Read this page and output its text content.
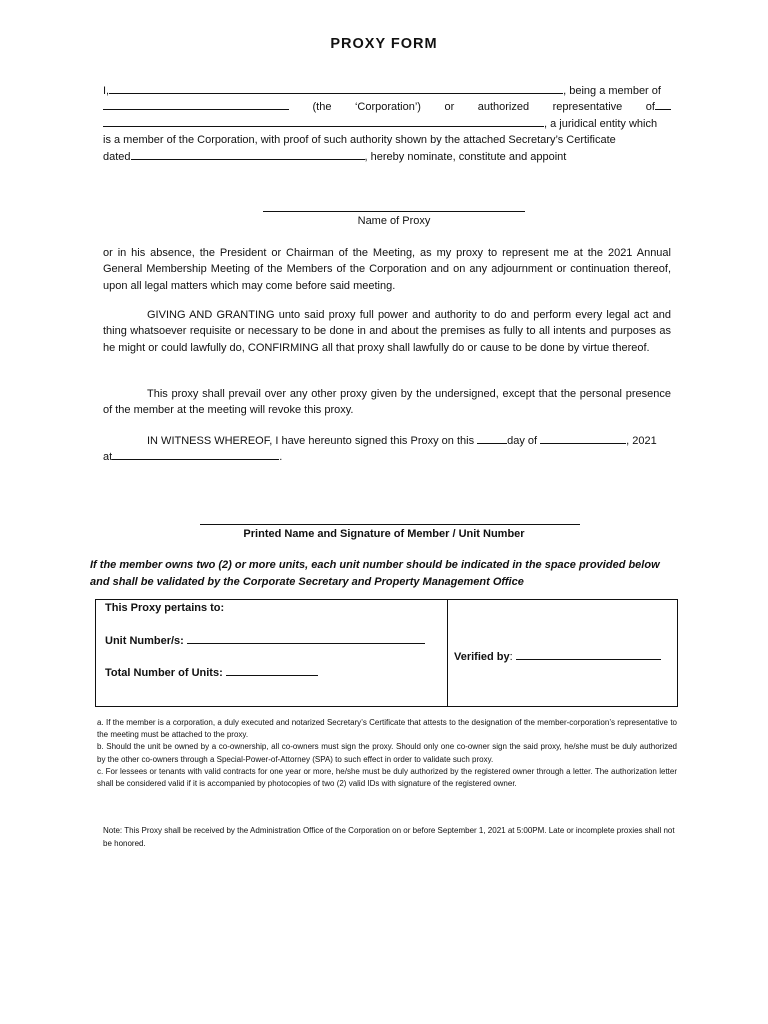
PROXY FORM
I,	, being a member of
(the ‘Corporation’) or authorized representative of
, a juridical entity which
is a member of the Corporation, with proof of such authority shown by the attached Secretary’s Certificate
dated	, hereby nominate, constitute and appoint
Name of Proxy
or in his absence, the President or Chairman of the Meeting, as my proxy to represent me at the 2021 Annual General Membership Meeting of the Members of the Corporation and on any adjournment or continuation thereof, upon all legal matters which may come before said meeting.
GIVING AND GRANTING unto said proxy full power and authority to do and perform every legal act and thing whatsoever requisite or necessary to be done in and about the premises as fully to all intents and purposes as he might or could lawfully do, CONFIRMING all that proxy shall lawfully do or cause to be done by virtue thereof.
This proxy shall prevail over any other proxy given by the undersigned, except that the personal presence of the member at the meeting will revoke this proxy.
IN WITNESS WHEREOF, I have hereunto signed this Proxy on this	day of	, 2021
at	.
Printed Name and Signature of Member / Unit Number
If the member owns two (2) or more units, each unit number should be indicated in the space provided below and shall be validated by the Corporate Secretary and Property Management Office
This Proxy pertains to:
Unit Number/s:
Total Number of Units:
Verified by:

a. If the member is a corporation, a duly executed and notarized Secretary’s Certificate that attests to the designation of the member-corporation’s representative to the meeting must be attached to the proxy.

b. Should the unit be owned by a co-ownership, all co-owners must sign the proxy. Should only one co-owner sign the said proxy, he/she must be duly authorized by the other co-owners through a Special-Power-of-Attorney (SPA) to such effect in order to validate such proxy.

c. For lessees or tenants with valid contracts for one year or more, he/she must be duly authorized by the registered owner through a letter. The authorization letter shall be considered valid if it is accompanied by photocopies of two (2) valid IDs with signature of the registered owner.

Note: This Proxy shall be received by the Administration Office of the Corporation on or before September 1, 2021 at 5:00PM. Late or incomplete proxies shall not be honored.
